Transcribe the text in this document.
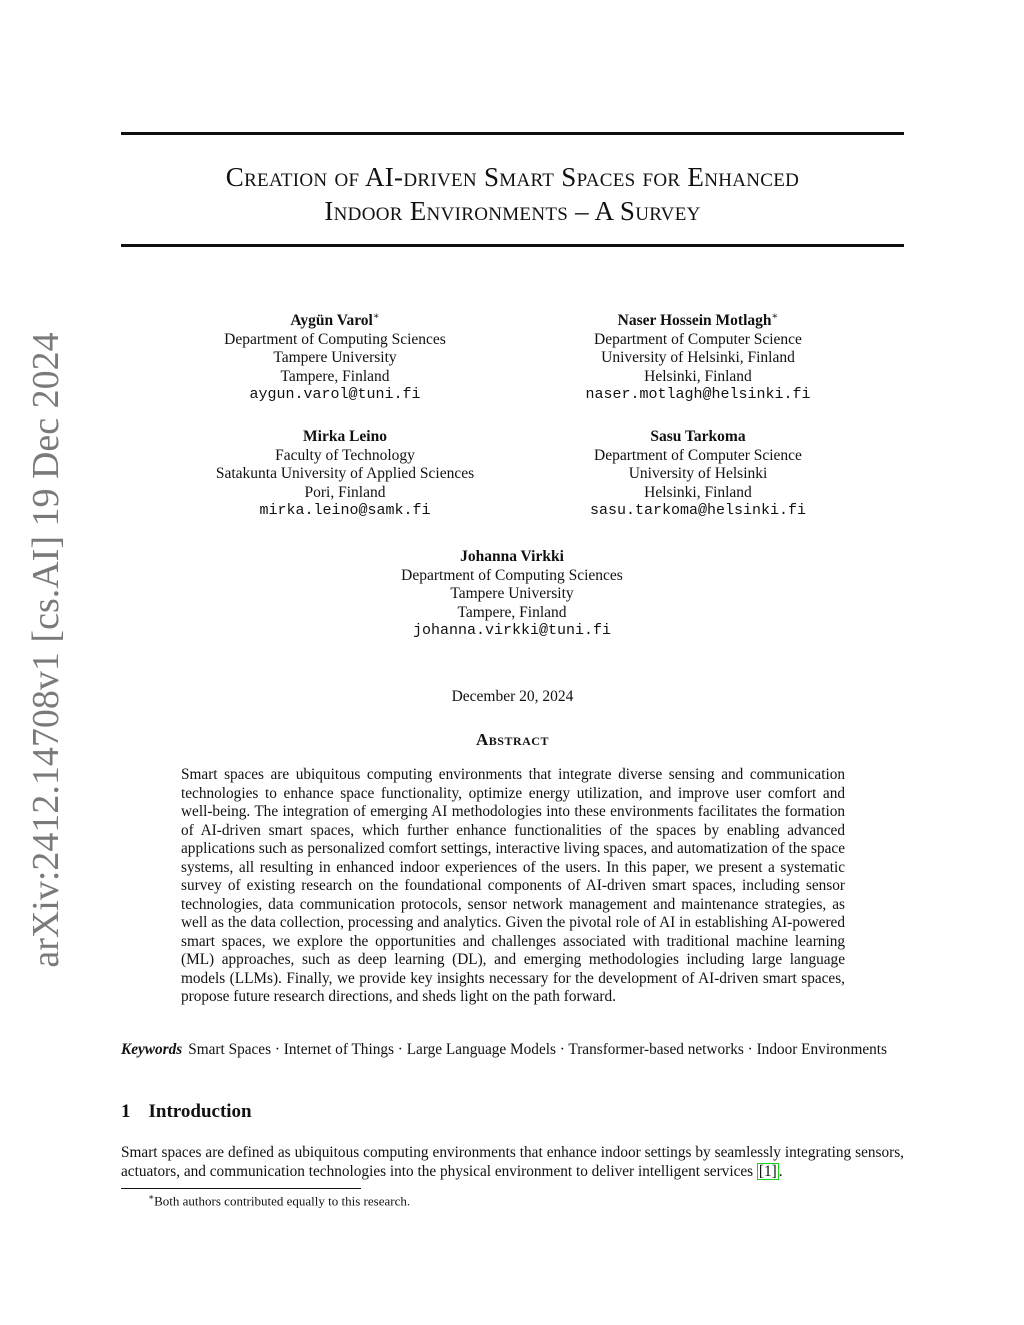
arXiv:2412.14708v1 [cs.AI] 19 Dec 2024
Creation of AI-driven Smart Spaces for Enhanced
Indoor Environments – A Survey
Aygün Varol∗
Department of Computing Sciences
Tampere University
Tampere, Finland
aygun.varol@tuni.fi
Naser Hossein Motlagh∗
Department of Computer Science
University of Helsinki, Finland
Helsinki, Finland
naser.motlagh@helsinki.fi
Mirka Leino
Faculty of Technology
Satakunta University of Applied Sciences
Pori, Finland
mirka.leino@samk.fi
Sasu Tarkoma
Department of Computer Science
University of Helsinki
Helsinki, Finland
sasu.tarkoma@helsinki.fi
Johanna Virkki
Department of Computing Sciences
Tampere University
Tampere, Finland
johanna.virkki@tuni.fi
December 20, 2024
Abstract
Smart spaces are ubiquitous computing environments that integrate diverse sensing and communication technologies to enhance space functionality, optimize energy utilization, and improve user comfort and well-being. The integration of emerging AI methodologies into these environments facilitates the formation of AI-driven smart spaces, which further enhance functionalities of the spaces by enabling advanced applications such as personalized comfort settings, interactive living spaces, and automatization of the space systems, all resulting in enhanced indoor experiences of the users. In this paper, we present a systematic survey of existing research on the foundational components of AI-driven smart spaces, including sensor technologies, data communication protocols, sensor network management and maintenance strategies, as well as the data collection, processing and analytics. Given the pivotal role of AI in establishing AI-powered smart spaces, we explore the opportunities and challenges associated with traditional machine learning (ML) approaches, such as deep learning (DL), and emerging methodologies including large language models (LLMs). Finally, we provide key insights necessary for the development of AI-driven smart spaces, propose future research directions, and sheds light on the path forward.
Keywords Smart Spaces · Internet of Things · Large Language Models · Transformer-based networks · Indoor Environments
1 Introduction
Smart spaces are defined as ubiquitous computing environments that enhance indoor settings by seamlessly integrating sensors, actuators, and communication technologies into the physical environment to deliver intelligent services [1] .
∗Both authors contributed equally to this research.
